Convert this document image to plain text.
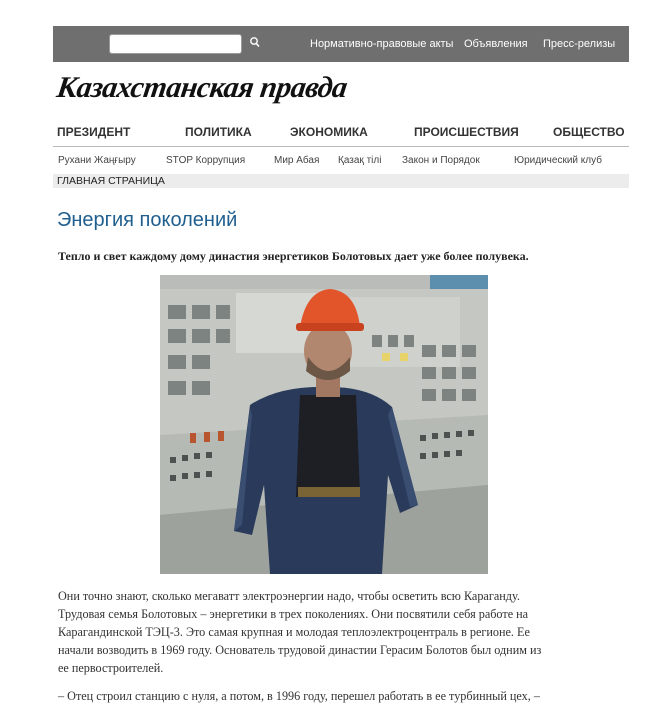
Нормативно-правовые акты Объявления Пресс-релизы
Казахстанская правда
ПРЕЗИДЕНТ	ПОЛИТИКА	ЭКОНОМИКА	ПРОИСШЕСТВИЯ	ОБЩЕСТВО
Рухани Жаңғыру	STOP Коррупция	Мир Абая Қазақ тілі Закон и Порядок	Юридический клуб
ГЛАВНАЯ СТРАНИЦА
Энергия поколений

Тепло и свет каждому дому династия энергетиков Болотовых дает уже более полувека.

Они точно знают, сколько мегаватт электроэнергии надо, чтобы осветить всю Караганду.
Трудовая семья Болотовых – энергетики в трех поколениях. Они посвятили себя работе на
Карагандинской ТЭЦ-3. Это самая крупная и молодая теплоэлектроцентраль в регионе. Ее
начали возводить в 1969 году. Основатель трудовой династии Герасим Болотов был одним из
ее первостроителей.
– Отец строил станцию с нуля, а потом, в 1996 году, перешел работать в ее турбинный цех, –
